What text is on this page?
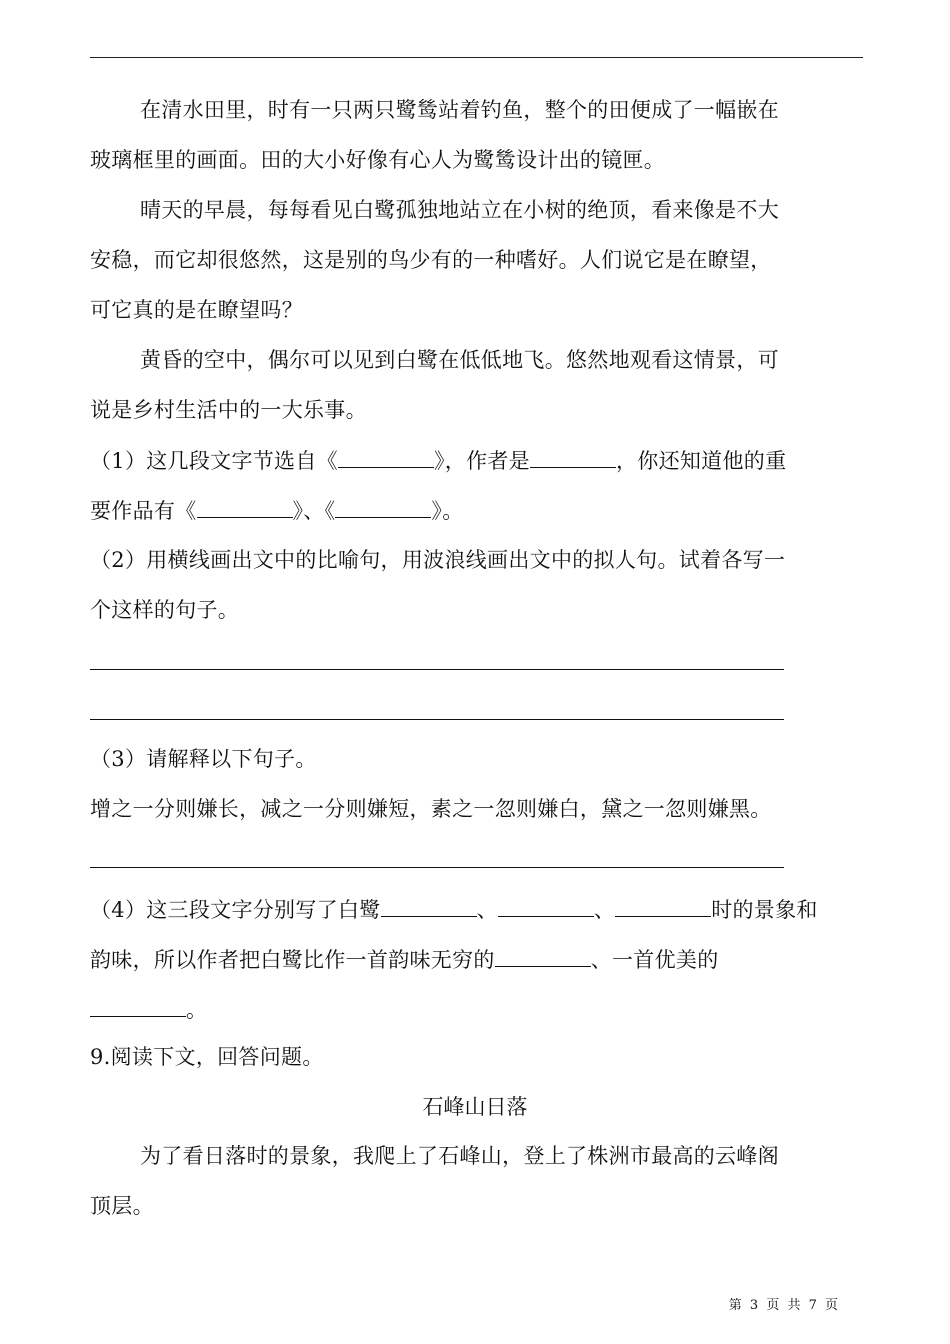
在清水田里，时有一只两只鹭鸶站着钓鱼，整个的田便成了一幅嵌在
玻璃框里的画面。田的大小好像有心人为鹭鸶设计出的镜匣。
晴天的早晨，每每看见白鹭孤独地站立在小树的绝顶，看来像是不大
安稳，而它却很悠然，这是别的鸟少有的一种嗜好。人们说它是在瞭望，
可它真的是在瞭望吗？
黄昏的空中，偶尔可以见到白鹭在低低地飞。悠然地观看这情景，可
说是乡村生活中的一大乐事。
（1）这几段文字节选自《	》，作者是	，你还知道他的重
要作品有《	》、《	》。
（2）用横线画出文中的比喻句，用波浪线画出文中的拟人句。试着各写一
个这样的句子。
（3）请解释以下句子。
增之一分则嫌长，减之一分则嫌短，素之一忽则嫌白，黛之一忽则嫌黑。
（4）这三段文字分别写了白鹭	、	、	时的景象和
韵味，所以作者把白鹭比作一首韵味无穷的	、一首优美的
。
9.阅读下文，回答问题。
石峰山日落
为了看日落时的景象，我爬上了石峰山，登上了株洲市最高的云峰阁
顶层。
第 3 页 共 7 页
